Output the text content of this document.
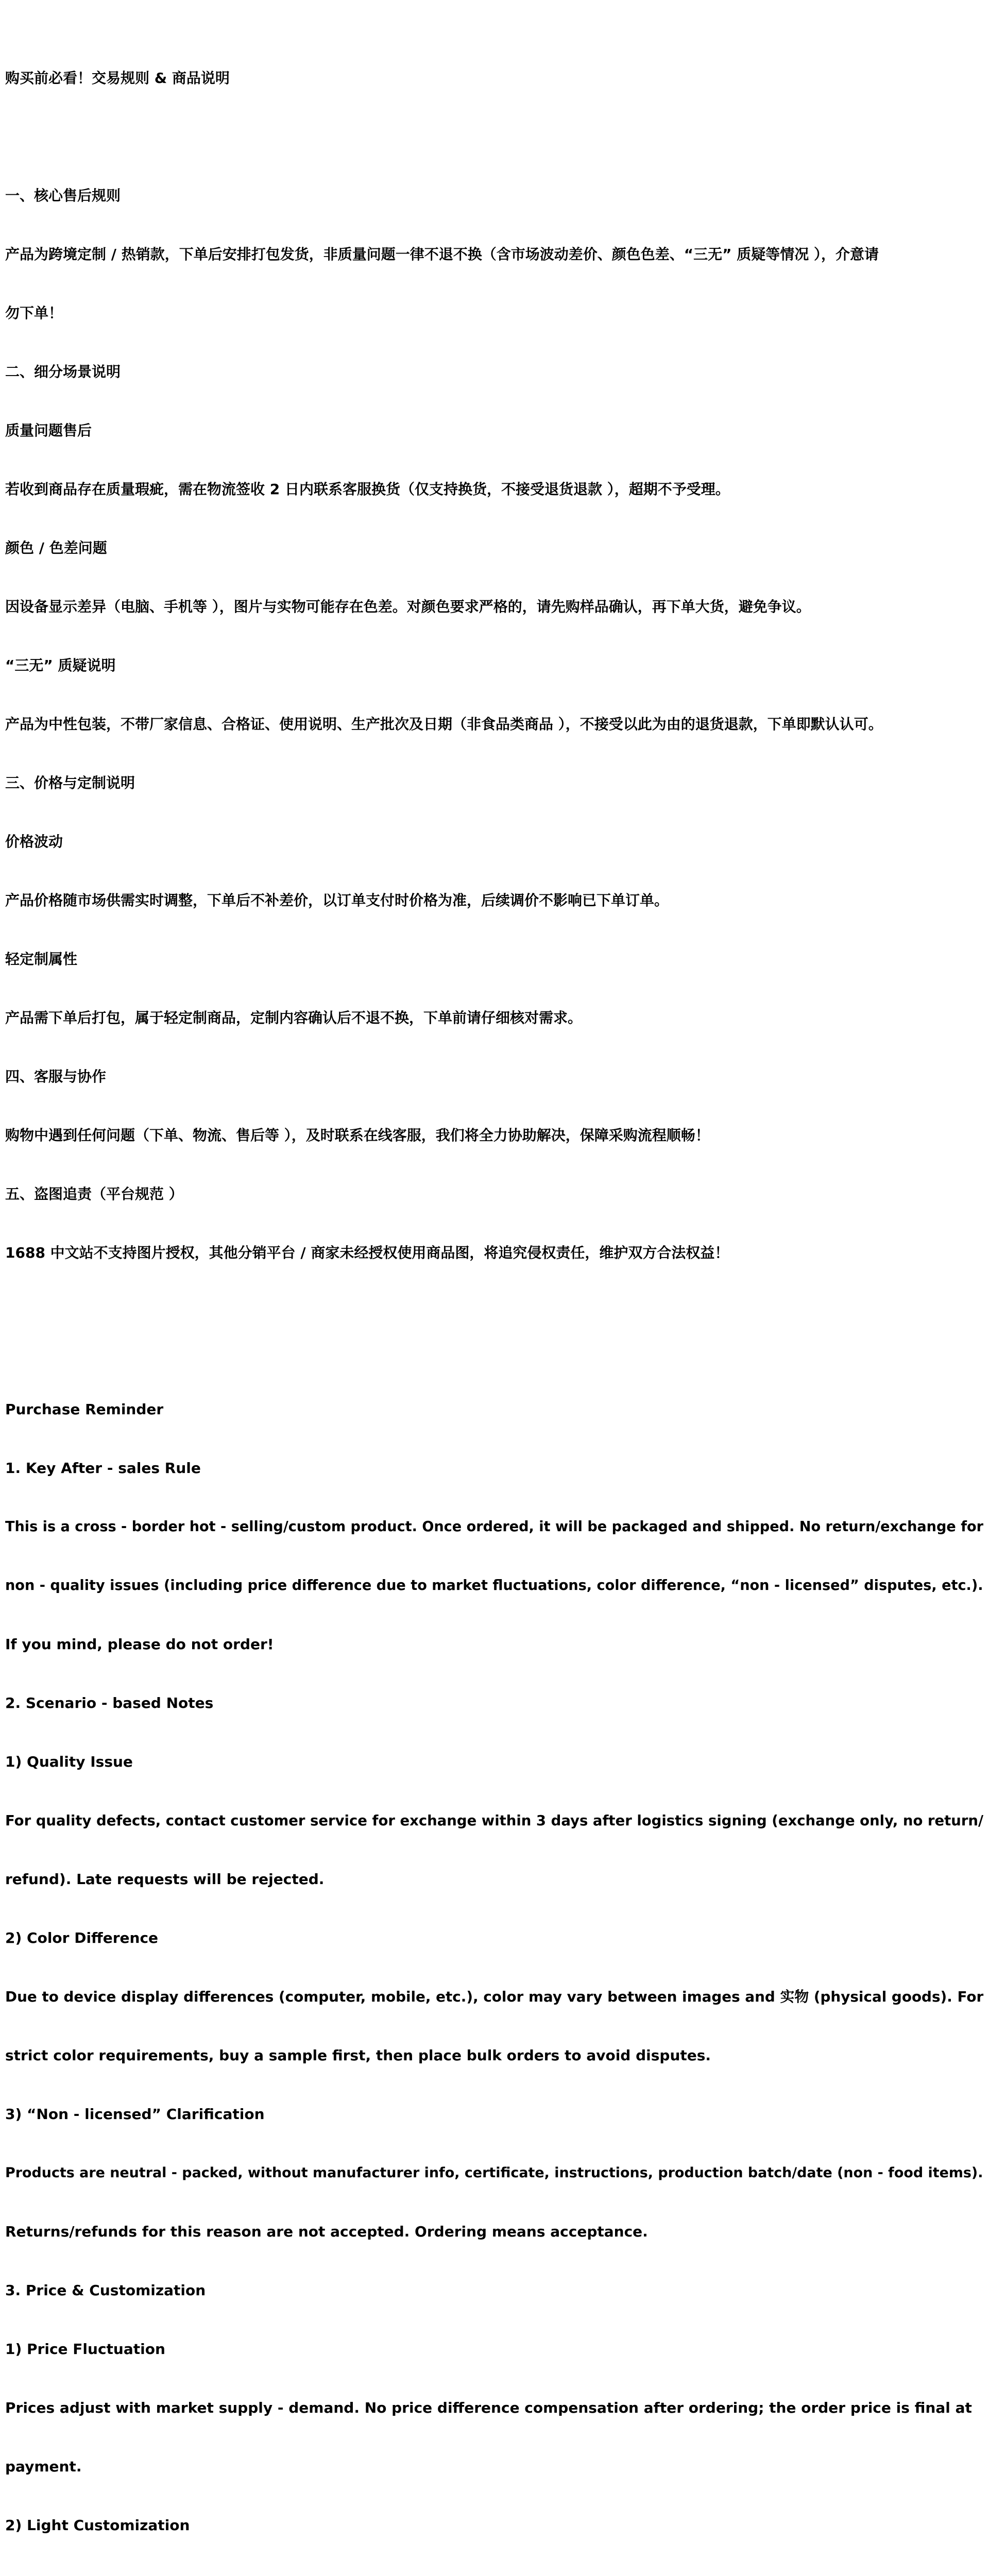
购买前必看！交易规则 & 商品说明

一、核心售后规则

产品为跨境定制 / 热销款，下单后安排打包发货，非质量问题一律不退不换（含市场波动差价、颜色色差、“三无” 质疑等情况 ），介意请

勿下单！

二、细分场景说明

质量问题售后

若收到商品存在质量瑕疵，需在物流签收 2 日内联系客服换货（仅支持换货，不接受退货退款 ），超期不予受理。

颜色 / 色差问题

因设备显示差异（电脑、手机等 ），图片与实物可能存在色差。对颜色要求严格的，请先购样品确认，再下单大货，避免争议。

“三无” 质疑说明

产品为中性包装，不带厂家信息、合格证、使用说明、生产批次及日期（非食品类商品 ），不接受以此为由的退货退款，下单即默认认可。

三、价格与定制说明

价格波动

产品价格随市场供需实时调整，下单后不补差价，以订单支付时价格为准，后续调价不影响已下单订单。

轻定制属性

产品需下单后打包，属于轻定制商品，定制内容确认后不退不换，下单前请仔细核对需求。

四、客服与协作

购物中遇到任何问题（下单、物流、售后等 ），及时联系在线客服，我们将全力协助解决，保障采购流程顺畅！

五、盗图追责（平台规范 ）

1688 中文站不支持图片授权，其他分销平台 / 商家未经授权使用商品图，将追究侵权责任，维护双方合法权益！

Purchase Reminder

1. Key After - sales Rule

This is a cross - border hot - selling/custom product. Once ordered, it will be packaged and shipped. No return/exchange for

non - quality issues (including price difference due to market fluctuations, color difference, “non - licensed” disputes, etc.).

If you mind, please do not order!

2. Scenario - based Notes

1) Quality Issue

For quality defects, contact customer service for exchange within 3 days after logistics signing (exchange only, no return/

refund). Late requests will be rejected.

2) Color Difference

Due to device display differences (computer, mobile, etc.), color may vary between images and 实物 (physical goods). For

strict color requirements, buy a sample first, then place bulk orders to avoid disputes.

3) “Non - licensed” Clarification

Products are neutral - packed, without manufacturer info, certificate, instructions, production batch/date (non - food items).

Returns/refunds for this reason are not accepted. Ordering means acceptance.

3. Price & Customization

1) Price Fluctuation

Prices adjust with market supply - demand. No price difference compensation after ordering; the order price is final at

payment.

2) Light Customization
